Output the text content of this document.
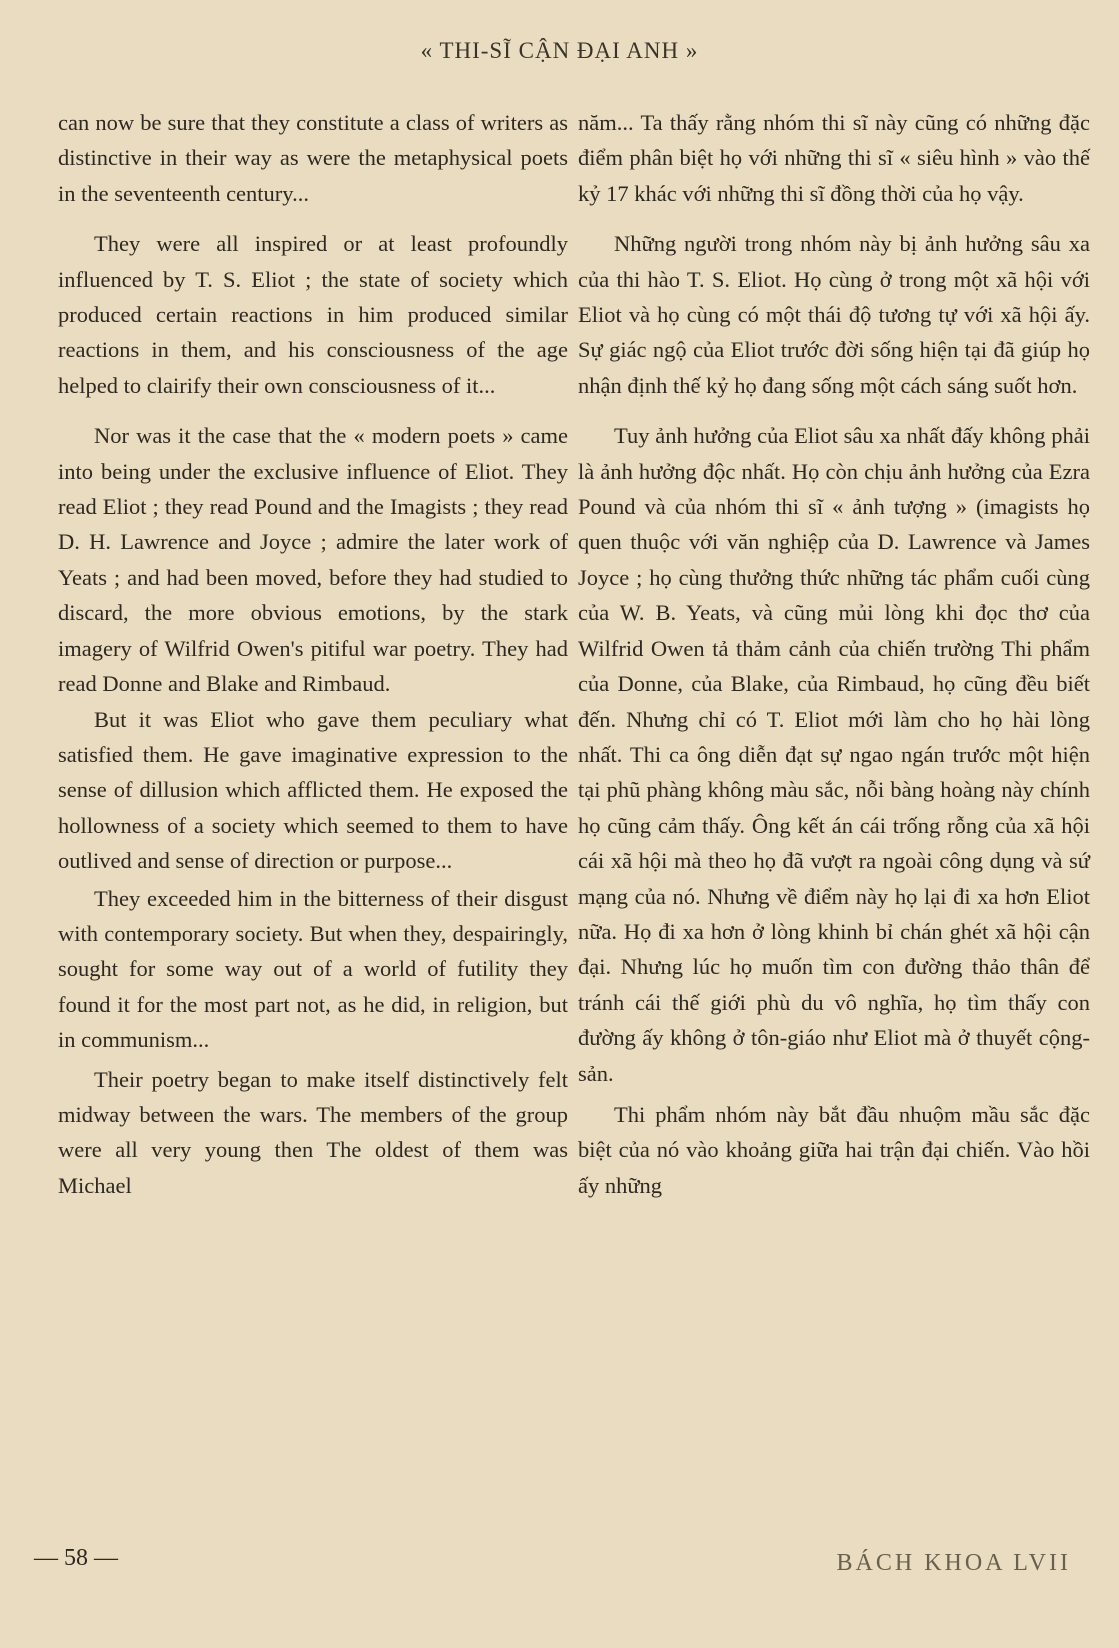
« THI-SĨ CẬN ĐẠI ANH »

can now be sure that they constitute a class of writers as distinctive in their way as were the metaphysical poets in the seventeenth century...

They were all inspired or at least profoundly influenced by T. S. Eliot ; the state of society which produced certain reactions in him produced similar reactions in them, and his consciousness of the age helped to clairify their own consciousness of it...

Nor was it the case that the « modern poets » came into being under the exclusive influence of Eliot. They read Eliot ; they read Pound and the Imagists ; they read D. H. Lawrence and Joyce ; admire the later work of Yeats ; and had been moved, before they had studied to discard, the more obvious emotions, by the stark imagery of Wilfrid Owen's pitiful war poetry. They had read Donne and Blake and Rimbaud.

But it was Eliot who gave them peculiary what satisfied them. He gave imaginative expression to the sense of dillusion which afflicted them. He exposed the hollowness of a society which seemed to them to have outlived and sense of direction or purpose...

They exceeded him in the bitterness of their disgust with contemporary society. But when they, despairingly, sought for some way out of a world of futility they found it for the most part not, as he did, in religion, but in communism...

Their poetry began to make itself distinctively felt midway between the wars. The members of the group were all very young then The oldest of them was Michael

năm... Ta thấy rằng nhóm thi sĩ này cũng có những đặc điểm phân biệt họ với những thi sĩ « siêu hình » vào thế kỷ 17 khác với những thi sĩ đồng thời của họ vậy.

Những người trong nhóm này bị ảnh hưởng sâu xa của thi hào T. S. Eliot. Họ cùng ở trong một xã hội với Eliot và họ cùng có một thái độ tương tự với xã hội ấy. Sự giác ngộ của Eliot trước đời sống hiện tại đã giúp họ nhận định thế kỷ họ đang sống một cách sáng suốt hơn.

Tuy ảnh hưởng của Eliot sâu xa nhất đấy không phải là ảnh hưởng độc nhất. Họ còn chịu ảnh hưởng của Ezra Pound và của nhóm thi sĩ « ảnh tượng » (imagists họ quen thuộc với văn nghiệp của D. Lawrence và James Joyce ; họ cùng thưởng thức những tác phẩm cuối cùng của W. B. Yeats, và cũng mủi lòng khi đọc thơ của Wilfrid Owen tả thảm cảnh của chiến trường Thi phẩm của Donne, của Blake, của Rimbaud, họ cũng đều biết đến. Nhưng chỉ có T. Eliot mới làm cho họ hài lòng nhất. Thi ca ông diễn đạt sự ngao ngán trước một hiện tại phũ phàng không màu sắc, nỗi bàng hoàng này chính họ cũng cảm thấy. Ông kết án cái trống rỗng của xã hội cái xã hội mà theo họ đã vượt ra ngoài công dụng và sứ mạng của nó. Nhưng về điểm này họ lại đi xa hơn Eliot nữa. Họ đi xa hơn ở lòng khinh bỉ chán ghét xã hội cận đại. Nhưng lúc họ muốn tìm con đường thảo thân để tránh cái thế giới phù du vô nghĩa, họ tìm thấy con đường ấy không ở tôn-giáo như Eliot mà ở thuyết cộng-sản.

Thi phẩm nhóm này bắt đầu nhuộm mầu sắc đặc biệt của nó vào khoảng giữa hai trận đại chiến. Vào hồi ấy những

— 58 —	BÁCH KHOA LVII
